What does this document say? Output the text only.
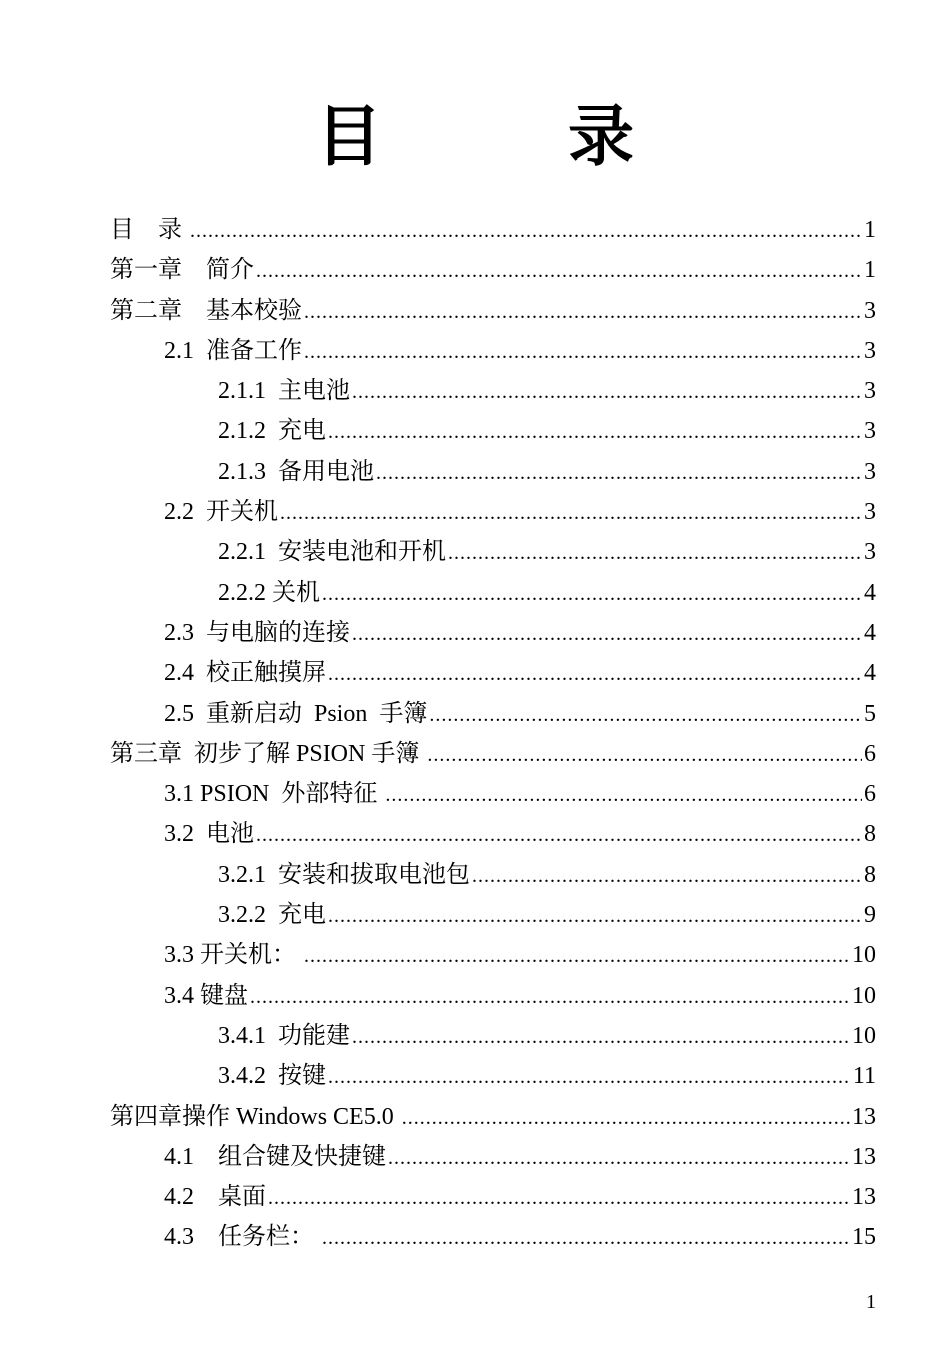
目　录
目　录 .....	1
第一章　简介 .....	1
第二章　基本校验 .....	3
2.1  准备工作 .....	3
2.1.1  主电池 .....	3
2.1.2  充电 .....	3
2.1.3  备用电池 .....	3
2.2  开关机 .....	3
2.2.1  安装电池和开机 .....	3
2.2.2 关机 .....	4
2.3  与电脑的连接 .....	4
2.4  校正触摸屏 .....	4
2.5  重新启动  Psion  手簿 .....	5
第三章  初步了解 PSION 手簿 .....	6
3.1 PSION  外部特征 .....	6
3.2  电池 .....	8
3.2.1  安装和拔取电池包 .....	8
3.2.2  充电 .....	9
3.3 开关机： .....	10
3.4 键盘 .....	10
3.4.1  功能建 .....	10
3.4.2  按键 .....	11
第四章操作 Windows CE5.0 .....	13
4.1　组合键及快捷键 .....	13
4.2　桌面 .....	13
4.3　任务栏： .....	15
1
